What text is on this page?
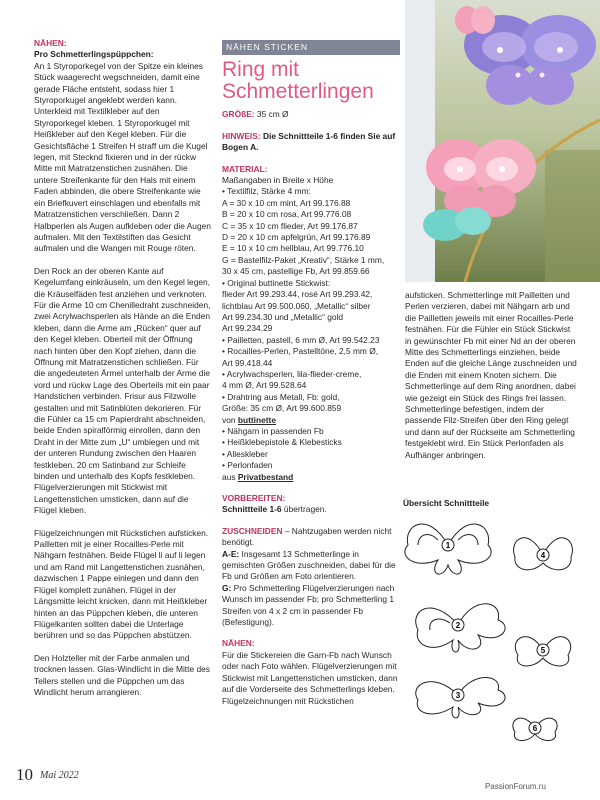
NÄHEN:
Pro Schmetterlingspüppchen:

An 1 Styroporkegel von der Spitze ein kleines Stück waagerecht wegschneiden, damit eine gerade Fläche entsteht, sodass hier 1 Styroporkugel angeklebt werden kann. Unterkleid mit Textilkleber auf den Styroporkegel kleben. 1 Styroporkugel mit Heißkleber auf den Kegel kleben. Für die Gesichtsfläche 1 Streifen H straff um die Kugel legen, mit Stecknd fixieren und in der rückw Mitte mit Matratzenstichen zusnähen. Die untere Streifenkante für den Hals mit einem Faden abbinden, die obere Streifenkante wie ein Briefkuvert einschlagen und ebenfalls mit Matratzenstichen verschließen. Dann 2 Halbperlen als Augen aufkleben oder die Augen aufmalen. Mit den Textilstiften das Gesicht aufmalen und die Wangen mit Rouge röten.

Den Rock an der oberen Kante auf Kegelumfang einkräuseln, um den Kegel legen, die Kräuselfäden fest anziehen und verknoten. Für die Arme 10 cm Chenilledraht zuschneiden, zwei Acrylwachsperlen als Hände an die Enden kleben, dann die Arme am „Rücken“ quer auf den Kegel kleben. Oberteil mit der Öffnung nach hinten über den Kopf ziehen, dann die Öffnung mit Matratzenstichen schließen. Für die angedeuteten Ärmel unterhalb der Arme die vord und rückw Lage des Oberteils mit ein paar Handstichen verbinden. Frisur aus Filzwolle gestalten und mit Satinblüten dekorieren. Für die Fühler ca 15 cm Papierdraht abschneiden, beide Enden spiralförmig einrollen, dann den Draht in der Mitte zum „U“ umbiegen und mit der unteren Rundung zwischen den Haaren festkleben. 20 cm Satinband zur Schleife binden und unterhalb des Kopfs festkleben. Flügelverzierungen mit Stickwist mit Langettenstichen umsticken, dann auf die Flügel kleben.

Flügelzeichnungen mit Rückstichen aufsticken. Pailletten mit je einer Rocailles-Perle mit Nähgarn festnähen. Beide Flügel li auf li legen und am Rand mit Langettenstichen zusnähen, dazwischen 1 Pappe einlegen und dann den Flügel komplett zunähen. Flügel in der Längsmitte leicht knicken, dann mit Heißkleber hinten an das Püppchen kleben, die unteren Flügelkanten sollten dabei die Unterlage berühren und so das Püppchen abstützen.

Den Holzteller mit der Farbe anmalen und trocknen lassen. Glas-Windlicht in die Mitte des Tellers stellen und die Püppchen um das Windlicht herum arrangieren.

NÄHEN STICKEN
Ring mit
Schmetterlingen
GRÖßE: 35 cm Ø
HINWEIS: Die Schnittteile 1-6 finden Sie auf Bogen A.
MATERIAL:
Maßangaben in Breite x Höhe
• Textilfilz, Stärke 4 mm:
A = 30 x 10 cm mint, Art 99.176.88
B = 20 x 10 cm rosa, Art 99.776.08
C = 35 x 10 cm flieder, Art 99.176.87
D = 20 x 10 cm apfelgrün, Art 99.176.89
E = 10 x 10 cm hellblau, Art 99.776.10
G = Bastelfilz-Paket „Kreativ“, Stärke 1 mm,
30 x 45 cm, pastellige Fb, Art 99.859.66
• Original buttinette Stickwist:
flieder Art 99.293.44, rosé Art 99.293.42,
lichtblau Art 99.500.060, „Metallic“ silber
Art 99.234.30 und „Metallic“ gold
Art 99.234.29
• Pailletten, pastell, 6 mm Ø, Art 99.542.23
• Rocailles-Perlen, Pastelltöne, 2,5 mm Ø,
Art 99.418.44
• Acrylwachsperlen, lila-flieder-creme,
4 mm Ø, Art 99.528.64
• Drahtring aus Metall, Fb: gold,
Größe: 35 cm Ø, Art 99.600.859
von buttinette
• Nähgarn in passenden Fb
• Heißklebepistole & Klebesticks
• Alleskleber
• Perlonfaden
aus Privatbestand
VORBEREITEN:
Schnittteile 1-6 übertragen.
ZUSCHNEIDEN – Nahtzugaben werden nicht benötigt.
A-E: Insgesamt 13 Schmetterlinge in gemischten Größen zuschneiden, dabei für die Fb und Größen am Foto orientieren.
G: Pro Schmetterling Flügelverzierungen nach Wunsch im passender Fb; pro Schmetterling 1 Streifen von 4 x 2 cm in passender Fb (Befestigung).
NÄHEN:
Für die Stickereien die Garn-Fb nach Wunsch oder nach Foto wählen. Flügelverzierungen mit Stickwist mit Langettenstichen umsticken, dann auf die Vorderseite des Schmetterlings kleben. Flügelzeichnungen mit Rückstichen
aufsticken. Schmetterlinge mit Pailletten und Perlen verzieren, dabei mit Nähgarn arb und die Pailletten jeweils mit einer Rocailles-Perle festnähen. Für die Fühler ein Stück Stickwist in gewünschter Fb mit einer Nd an der oberen Mitte des Schmetterlings einziehen, beide Enden auf die gleiche Länge zuschneiden und die Enden mit einem Knoten sichern. Die Schmetterlinge auf dem Ring anordnen, dabei wie gezeigt ein Stück des Rings frei lassen. Schmetterlinge befestigen, indem der passende Filz-Streifen über den Ring gelegt und dann auf der Rückseite am Schmetterling festgeklebt wird. Ein Stück Perlonfaden als Aufhänger anbringen.
Übersicht Schnittteile
1
2
3
4
5
6
10 Mai 2022
PassionForum.ru
